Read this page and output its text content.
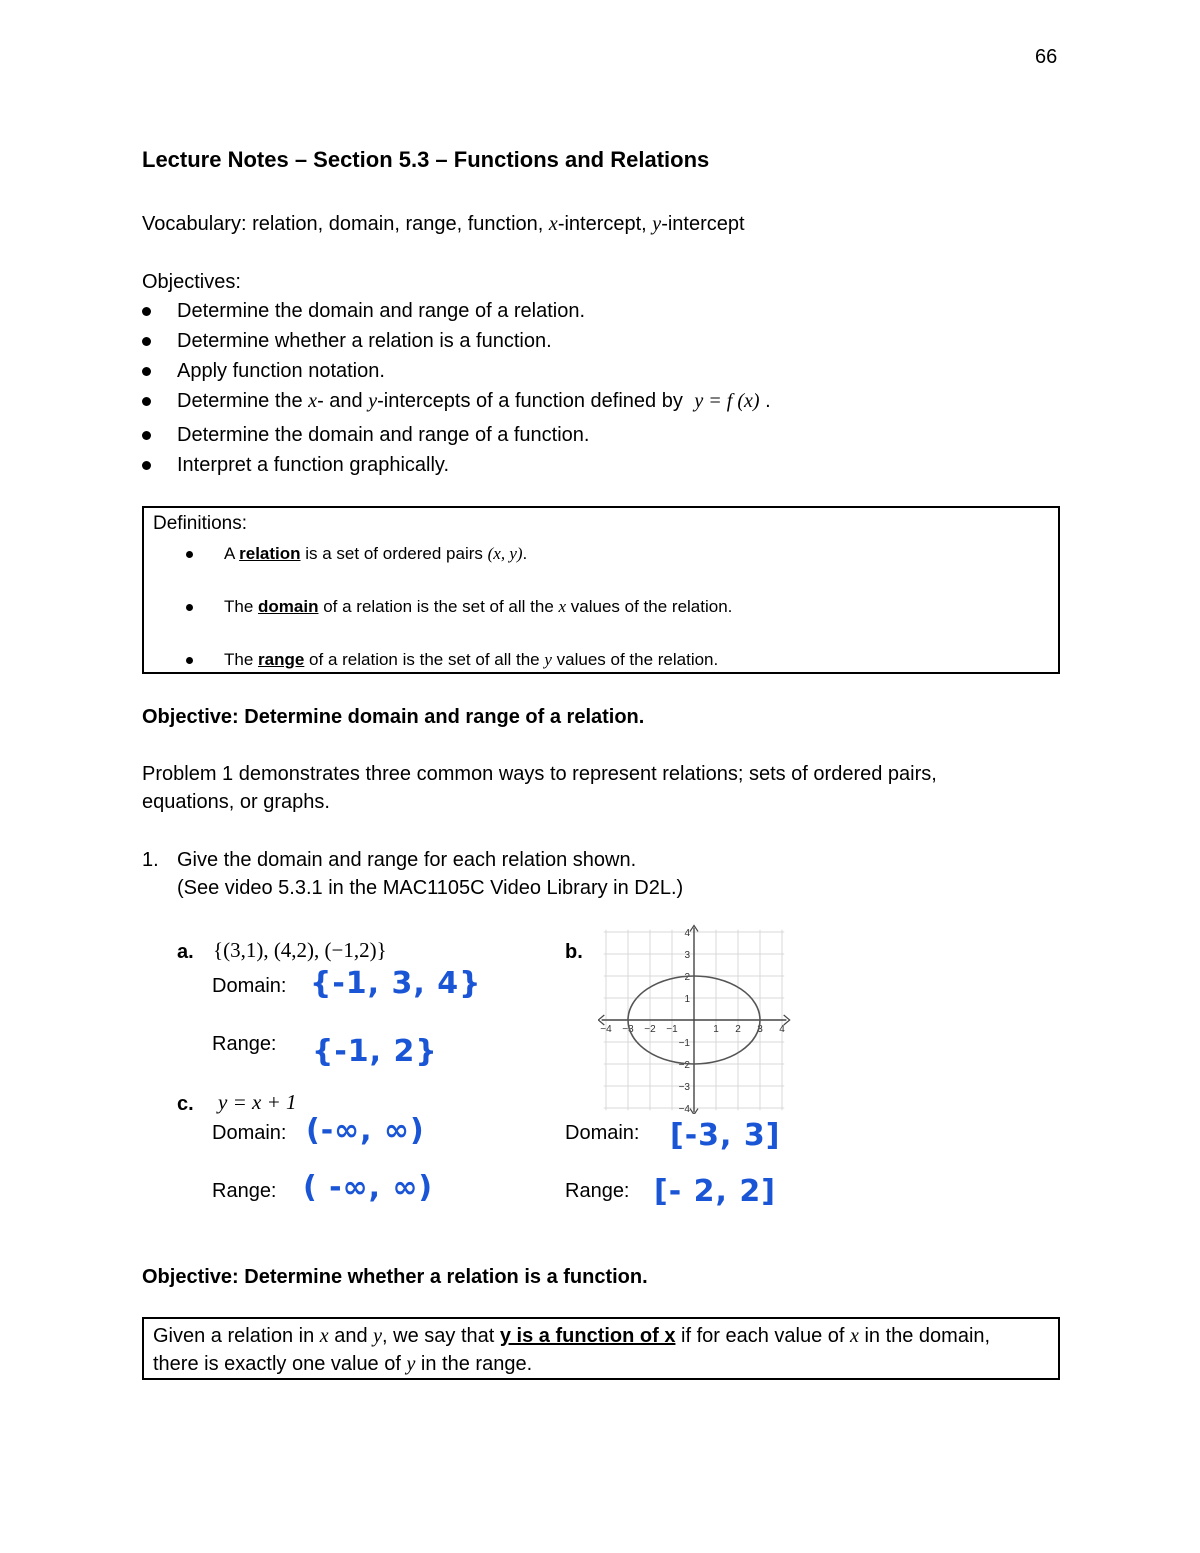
66
Lecture Notes – Section 5.3 – Functions and Relations
Vocabulary: relation, domain, range, function, x-intercept, y-intercept
Objectives:
Determine the domain and range of a relation.
Determine whether a relation is a function.
Apply function notation.
Determine the x- and y-intercepts of a function defined by y = f (x) .
Determine the domain and range of a function.
Interpret a function graphically.
Definitions:
A relation is a set of ordered pairs (x, y).
The domain of a relation is the set of all the x values of the relation.
The range of a relation is the set of all the y values of the relation.
Objective: Determine domain and range of a relation.
Problem 1 demonstrates three common ways to represent relations; sets of ordered pairs,
equations, or graphs.
1. Give the domain and range for each relation shown.
(See video 5.3.1 in the MAC1105C Video Library in D2L.)
a. {(3,1), (4,2), (−1,2)}
Domain: {-1, 3, 4}
Range: {-1, 2}
c. y = x + 1
Domain: (-∞, ∞)
Range: ( -∞, ∞)
b.
−4 −3 −2 −1	1 2 3 4
4
3
2
1
−1
−2
−3
−4
Domain: [-3, 3]
Range: [- 2, 2]
Objective: Determine whether a relation is a function.
Given a relation in x and y, we say that y is a function of x if for each value of x in the domain,
there is exactly one value of y in the range.
